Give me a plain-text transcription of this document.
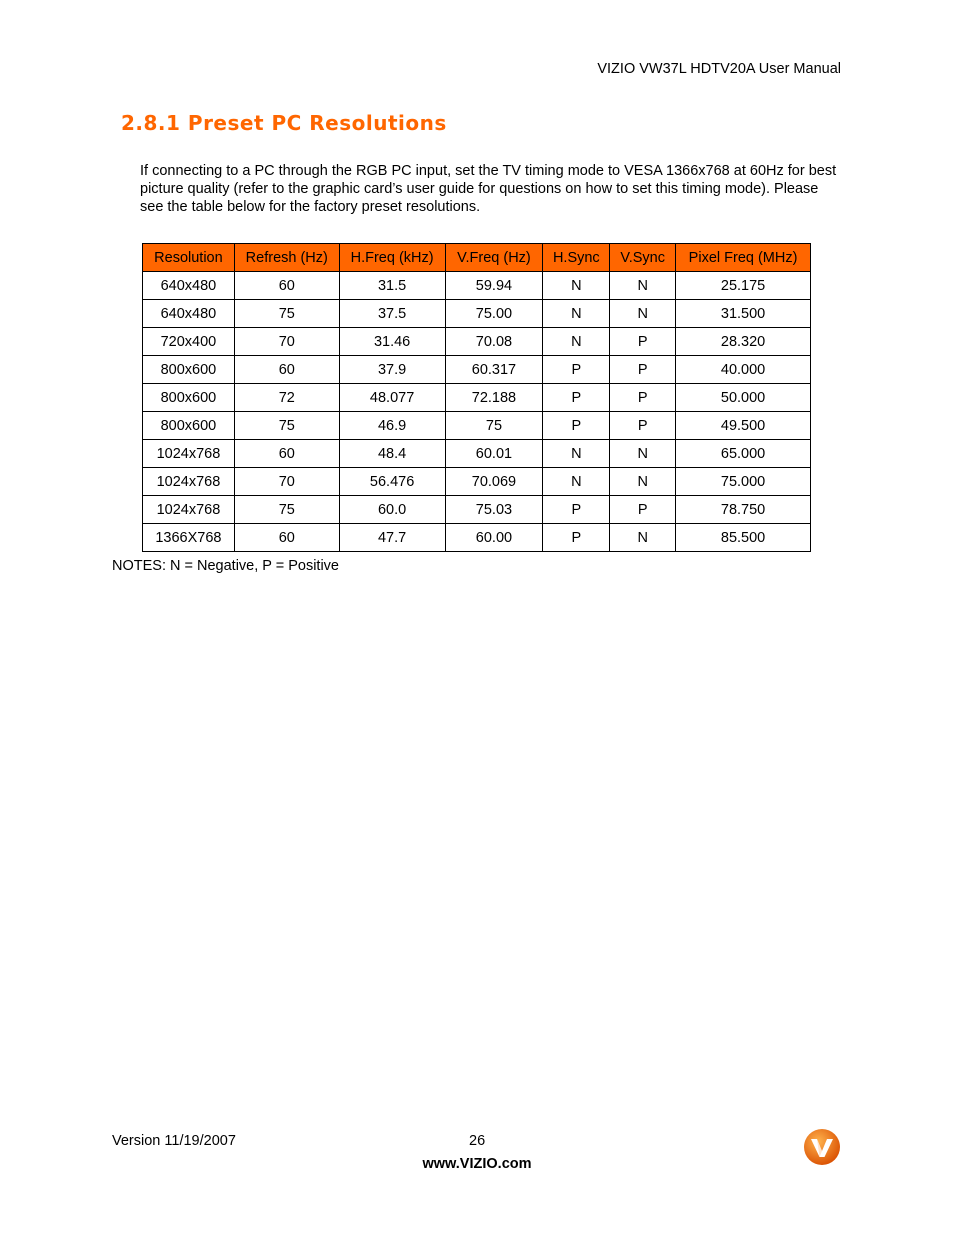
VIZIO VW37L HDTV20A User Manual
2.8.1 Preset PC Resolutions

If connecting to a PC through the RGB PC input, set the TV timing mode to VESA 1366x768 at 60Hz for best picture quality (refer to the graphic card’s user guide for questions on how to set this timing mode). Please see the table below for the factory preset resolutions.

Resolution	Refresh (Hz)	H.Freq (kHz)	V.Freq (Hz)	H.Sync	V.Sync	Pixel Freq (MHz)
640x480	60	31.5	59.94	N	N	25.175
640x480	75	37.5	75.00	N	N	31.500
720x400	70	31.46	70.08	N	P	28.320
800x600	60	37.9	60.317	P	P	40.000
800x600	72	48.077	72.188	P	P	50.000
800x600	75	46.9	75	P	P	49.500
1024x768	60	48.4	60.01	N	N	65.000
1024x768	70	56.476	70.069	N	N	75.000
1024x768	75	60.0	75.03	P	P	78.750
1366X768	60	47.7	60.00	P	N	85.500
NOTES: N = Negative, P = Positive
Version 11/19/2007	26
www.VIZIO.com
